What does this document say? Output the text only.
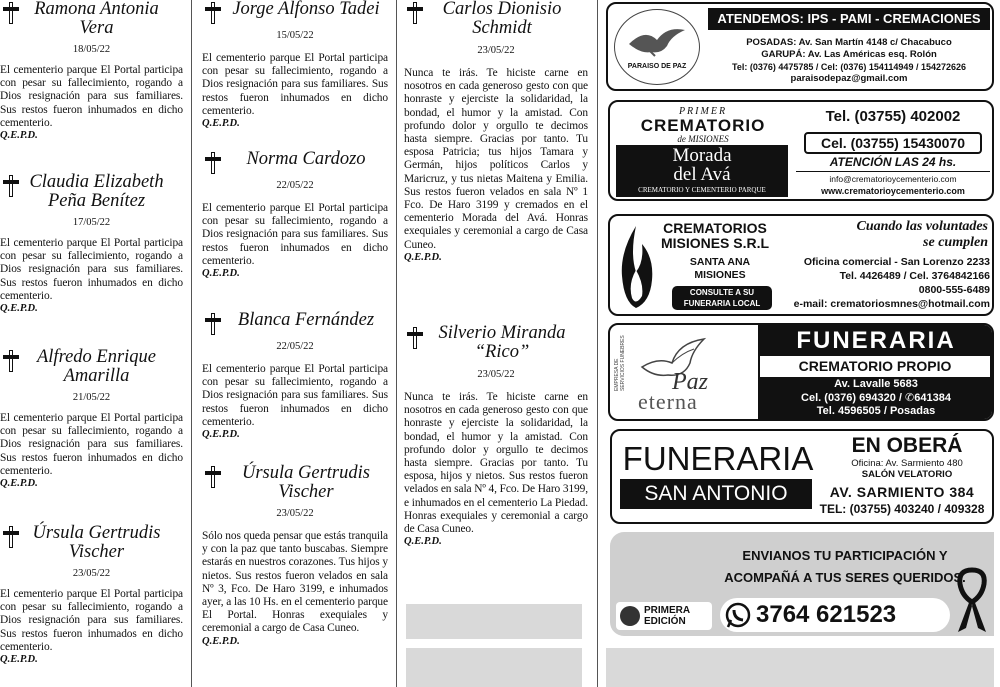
Ramona Antonia
Vera
18/05/22
El cementerio parque El Portal participa con pesar su fallecimiento, rogando a Dios resignación para sus familiares. Sus restos fueron inhumados en dicho cementerio.
Q.E.P.D.
Claudia Elizabeth
Peña Benítez
17/05/22
El cementerio parque El Portal participa con pesar su fallecimiento, rogando a Dios resignación para sus familiares. Sus restos fueron inhumados en dicho cementerio.
Q.E.P.D.
Alfredo Enrique
Amarilla
21/05/22
El cementerio parque El Portal participa con pesar su fallecimiento, rogando a Dios resignación para sus familiares. Sus restos fueron inhumados en dicho cementerio.
Q.E.P.D.
Úrsula Gertrudis
Vischer
23/05/22
El cementerio parque El Portal participa con pesar su fallecimiento, rogando a Dios resignación para sus familiares. Sus restos fueron inhumados en dicho cementerio.
Q.E.P.D.
Jorge Alfonso Tadei
15/05/22
El cementerio parque El Portal participa con pesar su fallecimiento, rogando a Dios resignación para sus familiares. Sus restos fueron inhumados en dicho cementerio.
Q.E.P.D.
Norma Cardozo
22/05/22
El cementerio parque El Portal participa con pesar su fallecimiento, rogando a Dios resignación para sus familiares. Sus restos fueron inhumados en dicho cementerio.
Q.E.P.D.
Blanca Fernández
22/05/22
El cementerio parque El Portal participa con pesar su fallecimiento, rogando a Dios resignación para sus familiares. Sus restos fueron inhumados en dicho cementerio.
Q.E.P.D.
Úrsula Gertrudis
Vischer
23/05/22
Sólo nos queda pensar que estás tranquila y con la paz que tanto buscabas. Siempre estarás en nuestros corazones. Tus hijos y nietos. Sus restos fueron velados en sala Nº 3, Fco. De Haro 3199, e inhumados ayer, a las 10 Hs. en el cementerio parque El Portal. Honras exequiales y ceremonial a cargo de Casa Cuneo.
Q.E.P.D.
Carlos Dionisio
Schmidt
23/05/22
Nunca te irás. Te hiciste carne en nosotros en cada generoso gesto con que honraste y ejerciste la solidaridad, la bondad, el humor y la amistad. Con profundo dolor y orgullo te decimos hasta siempre. Gracias por tanto. Tu esposa Patricia; tus hijos Tamara y Germán, hijos políticos Carlos y Maricruz, y tus nietas Maitena y Emilia. Sus restos fueron velados en sala Nº 1 Fco. De Haro 3199 y cremados en el cementerio Morada del Avá. Honras exequiales y ceremonial a cargo de Casa Cuneo.
Q.E.P.D.
Silverio Miranda
“Rico”
23/05/22
Nunca te irás. Te hiciste carne en nosotros en cada generoso gesto con que honraste y ejerciste la solidaridad, la bondad, el humor y la amistad. Con profundo dolor y orgullo te decimos hasta siempre. Gracias por tanto. Tu esposa, hijos y nietos. Sus restos fueron velados en sala Nº 4, Fco. De Haro 3199, e inhumados en el cementerio La Piedad. Honras exequiales y ceremonial a cargo de Casa Cuneo.
Q.E.P.D.
PARAISO DE PAZ
ATENDEMOS: IPS - PAMI - CREMACIONES
POSADAS: Av. San Martín 4148 c/ Chacabuco
GARUPÁ: Av. Las Américas esq. Rolón
Tel: (0376) 4475785 / Cel: (0376) 154114949 / 154272626
paraisodepaz@gmail.com
PRIMER
CREMATORIO
de MISIONES
Morada
del Avá
CREMATORIO Y CEMENTERIO PARQUE
Tel. (03755) 402002
Cel. (03755) 15430070
ATENCIÓN LAS 24 hs.
info@crematorioycementerio.com
www.crematorioycementerio.com
CREMATORIOS
MISIONES S.R.L
SANTA ANA
MISIONES
CONSULTE A SU
FUNERARIA LOCAL
Cuando las voluntades
se cumplen
Oficina comercial - San Lorenzo 2233
Tel. 4426489 / Cel. 3764842166
0800-555-6489
e-mail: crematoriosmnes@hotmail.com
EMPRESA DE SERVICIOS FUNEBRES Paz
eterna
FUNERARIA
CREMATORIO PROPIO
Av. Lavalle 5683
Cel. (0376) 694320 / ✆641384
Tel. 4596505 / Posadas
FUNERARIA
SAN ANTONIO
EN OBERÁ
Oficina: Av. Sarmiento 480
SALÓN VELATORIO
AV. SARMIENTO 384
TEL: (03755) 403240 / 409328
ENVIANOS TU PARTICIPACIÓN Y
ACOMPAÑÁ A TUS SERES QUERIDOS.
PRIMERA
EDICIÓN	3764 621523
